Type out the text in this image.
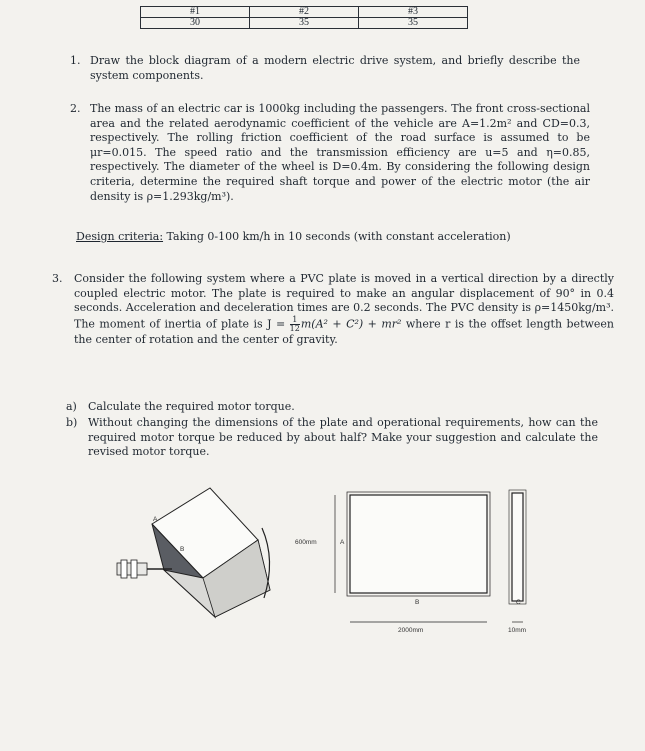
#1	#2	#3
30	35	35
1. Draw the block diagram of a modern electric drive system, and briefly describe the system components.
2. The mass of an electric car is 1000kg including the passengers. The front cross-sectional area and the related aerodynamic coefficient of the vehicle are A=1.2m² and CD=0.3, respectively. The rolling friction coefficient of the road surface is assumed to be μr=0.015. The speed ratio and the transmission efficiency are u=5 and η=0.85, respectively. The diameter of the wheel is D=0.4m. By considering the following design criteria, determine the required shaft torque and power of the electric motor (the air density is ρ=1.293kg/m³).
Design criteria: Taking 0-100 km/h in 10 seconds (with constant acceleration)
3. Consider the following system where a PVC plate is moved in a vertical direction by a directly coupled electric motor. The plate is required to make an angular displacement of 90° in 0.4 seconds. Acceleration and deceleration times are 0.2 seconds. The PVC density is ρ=1450kg/m³. The moment of inertia of plate is $J = \frac{1}{12} m(A^2 + C^2) + mr^2$ where r is the offset length between the center of rotation and the center of gravity.
a) Calculate the required motor torque.
b) Without changing the dimensions of the plate and operational requirements, how can the required motor torque be reduced by about half? Make your suggestion and calculate the revised motor torque.
A
B
600mm	A
B
2000mm
C
10mm
